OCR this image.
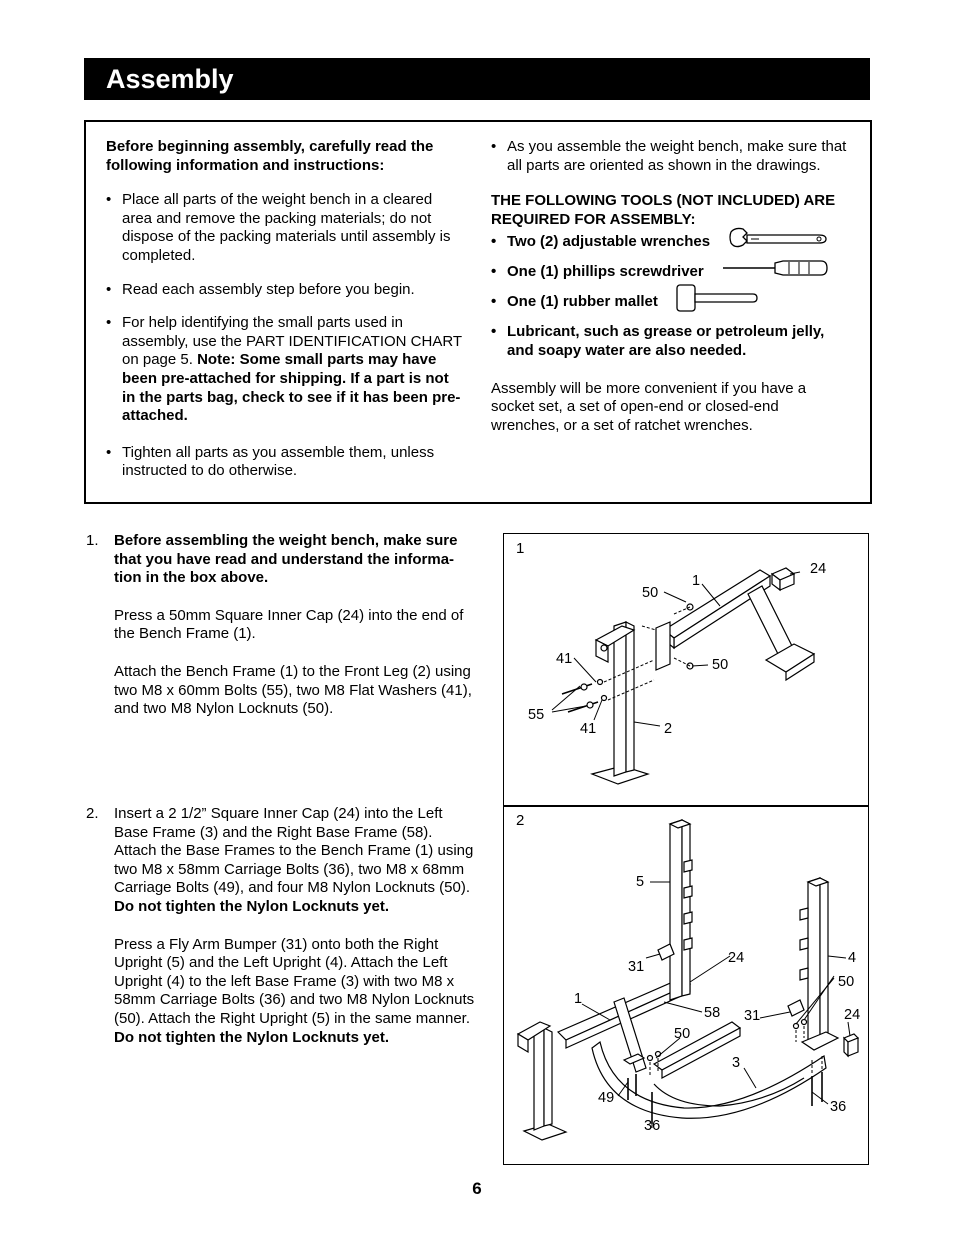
Assembly

Before beginning assembly, carefully read the following information and instructions:

• Place all parts of the weight bench in a cleared area and remove the packing materials; do not dispose of the packing materials until assembly is completed.
• Read each assembly step before you begin.
• For help identifying the small parts used in assembly, use the PART IDENTIFICATION CHART on page 5. Note: Some small parts may have been pre-attached for shipping. If a part is not in the parts bag, check to see if it has been pre-attached.
• Tighten all parts as you assemble them, unless instructed to do otherwise.
• As you assemble the weight bench, make sure that all parts are oriented as shown in the drawings.

THE FOLLOWING TOOLS (NOT INCLUDED) ARE REQUIRED FOR ASSEMBLY:

• Two (2) adjustable wrenches
• One (1) phillips screwdriver
• One (1) rubber mallet
• Lubricant, such as grease or petroleum jelly, and soapy water are also needed.

Assembly will be more convenient if you have a socket set, a set of open-end or closed-end wrenches, or a set of ratchet wrenches.

1. Before assembling the weight bench, make sure that you have read and understand the informa-tion in the box above.

Press a 50mm Square Inner Cap (24) into the end of the Bench Frame (1).

Attach the Bench Frame (1) to the Front Leg (2) using two M8 x 60mm Bolts (55), two M8 Flat Washers (41), and two M8 Nylon Locknuts (50).

2. Insert a 2 1/2” Square Inner Cap (24) into the Left Base Frame (3) and the Right Base Frame (58). Attach the Base Frames to the Bench Frame (1) using two M8 x 58mm Carriage Bolts (36), two M8 x 68mm Carriage Bolts (49), and four M8 Nylon Locknuts (50). Do not tighten the Nylon Locknuts yet.

Press a Fly Arm Bumper (31) onto both the Right Upright (5) and the Left Upright (4). Attach the Left Upright (4) to the left Base Frame (3) with two M8 x 58mm Carriage Bolts (36) and two M8 Nylon Locknuts (50). Attach the Right Upright (5) in the same manner. Do not tighten the Nylon Locknuts yet.

1
24
1
50
41	50
55
41	2
2
5
4
24
31
50
1
58 31	24
50
3
49
36
36
6
